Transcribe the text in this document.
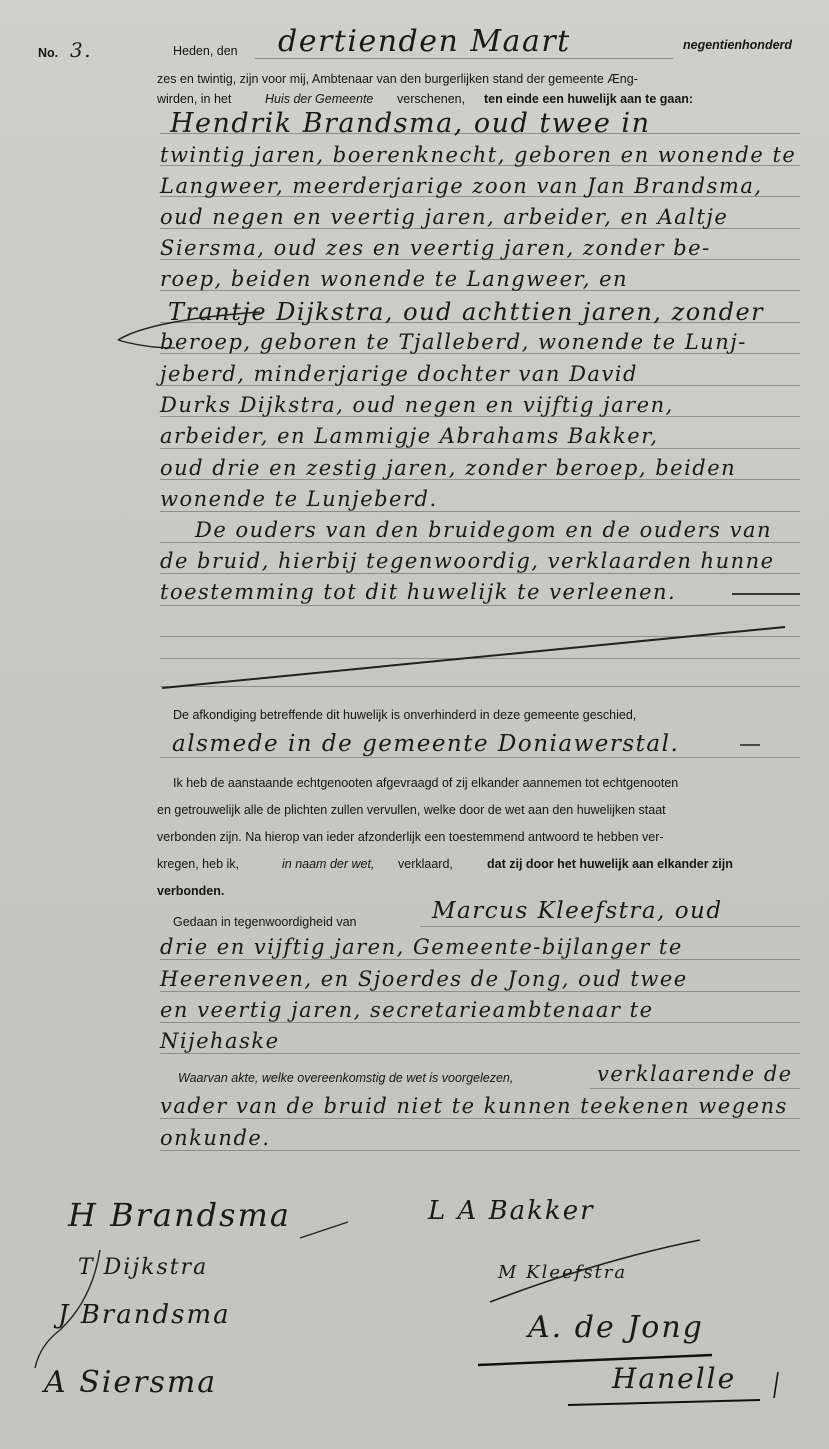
No. 3.	Heden, den dertienden Maart	negentienhonderd
zes en twintig, zijn voor mij, Ambtenaar van den burgerlijken stand der gemeente Æng-
wirden, in het	Huis der Gemeente verschenen, ten einde een huwelijk aan te gaan:
Hendrik Brandsma, oud twee in
twintig jaren, boerenknecht, geboren en wonende te
Langweer, meerderjarige zoon van Jan Brandsma,
oud negen en veertig jaren, arbeider, en Aaltje
Siersma, oud zes en veertig jaren, zonder be-
roep, beiden wonende te Langweer, en
Trantje Dijkstra, oud achttien jaren, zonder
beroep, geboren te Tjalleberd, wonende te Lunj-
jeberd, minderjarige dochter van David
Durks Dijkstra, oud negen en vijftig jaren,
arbeider, en Lammigje Abrahams Bakker,
oud drie en zestig jaren, zonder beroep, beiden
wonende te Lunjeberd.
De ouders van den bruidegom en de ouders van
de bruid, hierbij tegenwoordig, verklaarden hunne
toestemming tot dit huwelijk te verleenen.
De afkondiging betreffende dit huwelijk is onverhinderd in deze gemeente geschied,
alsmede in de gemeente Doniawerstal.
Ik heb de aanstaande echtgenooten afgevraagd of zij elkander aannemen tot echtgenooten
en getrouwelijk alle de plichten zullen vervullen, welke door de wet aan den huwelijken staat
verbonden zijn. Na hierop van ieder afzonderlijk een toestemmend antwoord te hebben ver-
kregen, heb ik,	in naam der wet, verklaard,	dat zij door het huwelijk aan elkander zijn
verbonden.
Gedaan in tegenwoordigheid van	Marcus Kleefstra, oud
drie en vijftig jaren, Gemeente-bijlanger te
Heerenveen, en Sjoerdes de Jong, oud twee
en veertig jaren, secretarieambtenaar te
Nijehaske
Waarvan akte, welke overeenkomstig de wet is voorgelezen,	verklaarende de
vader van de bruid niet te kunnen teekenen wegens
onkunde.
H Brandsma
T Dijkstra
J Brandsma
A Siersma
L A Bakker
M Kleefstra
A. de Jong
Hanelle
